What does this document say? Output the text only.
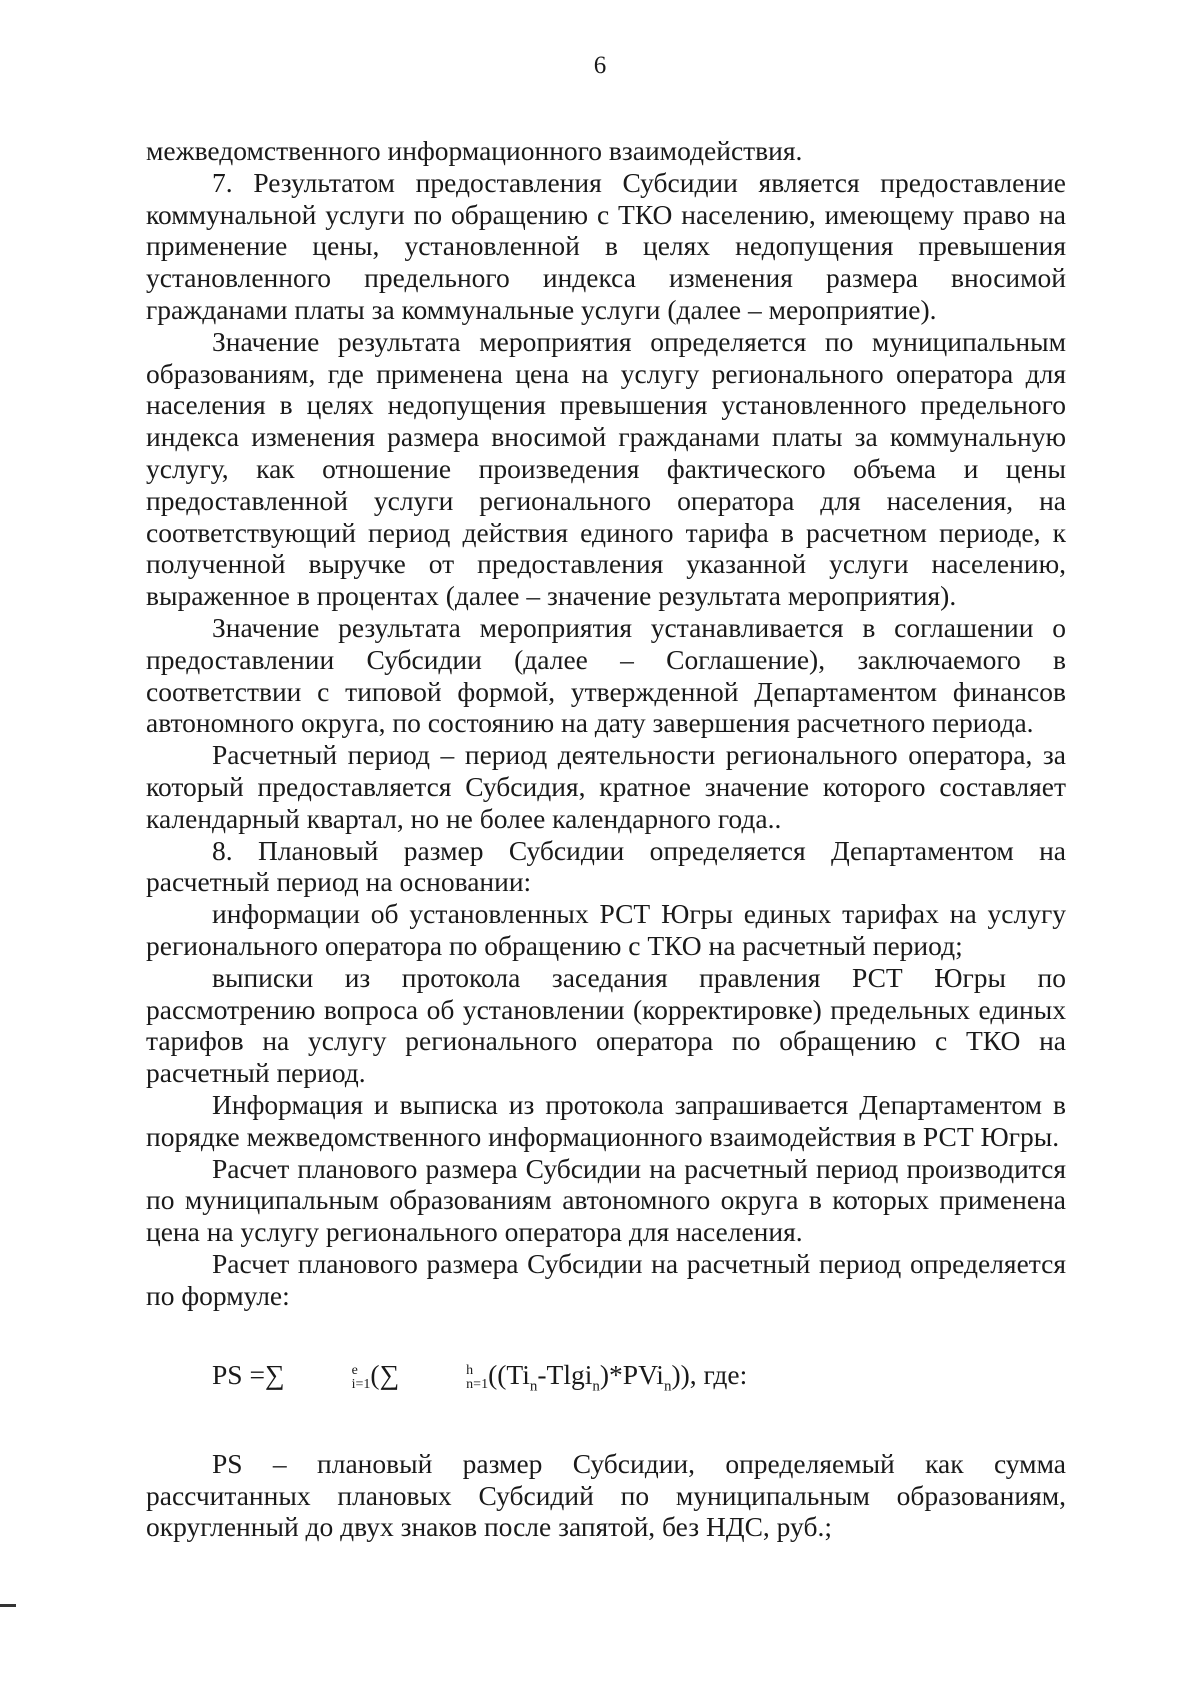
6

межведомственного информационного взаимодействия.

7. Результатом предоставления Субсидии является предоставление коммунальной услуги по обращению с ТКО населению, имеющему право на применение цены, установленной в целях недопущения превышения установленного предельного индекса изменения размера вносимой гражданами платы за коммунальные услуги (далее – мероприятие).

Значение результата мероприятия определяется по муниципальным образованиям, где применена цена на услугу регионального оператора для населения в целях недопущения превышения установленного предельного индекса изменения размера вносимой гражданами платы за коммунальную услугу, как отношение произведения фактического объема и цены предоставленной услуги регионального оператора для населения, на соответствующий период действия единого тарифа в расчетном периоде, к полученной выручке от предоставления указанной услуги населению, выраженное в процентах (далее – значение результата мероприятия).

Значение результата мероприятия устанавливается в соглашении о предоставлении Субсидии (далее – Соглашение), заключаемого в соответствии с типовой формой, утвержденной Департаментом финансов автономного округа, по состоянию на дату завершения расчетного периода.

Расчетный период – период деятельности регионального оператора, за который предоставляется Субсидия, кратное значение которого составляет календарный квартал, но не более календарного года..

8. Плановый размер Субсидии определяется Департаментом на расчетный период на основании:

информации об установленных РСТ Югры единых тарифах на услугу регионального оператора по обращению с ТКО на расчетный период;

выписки из протокола заседания правления РСТ Югры по рассмотрению вопроса об установлении (корректировке) предельных единых тарифов на услугу регионального оператора по обращению с ТКО на расчетный период.

Информация и выписка из протокола запрашивается Департаментом в порядке межведомственного информационного взаимодействия в РСТ Югры.

Расчет планового размера Субсидии на расчетный период производится по муниципальным образованиям автономного округа в которых применена цена на услугу регионального оператора для населения.

Расчет планового размера Субсидии на расчетный период определяется по формуле:

PS =∑	e
i=1 (∑	h
n=1 $((Ti_n-Tlgi_n)*PVi_n)$), где:

PS – плановый размер Субсидии, определяемый как сумма рассчитанных плановых Субсидий по муниципальным образованиям, округленный до двух знаков после запятой, без НДС, руб.;
